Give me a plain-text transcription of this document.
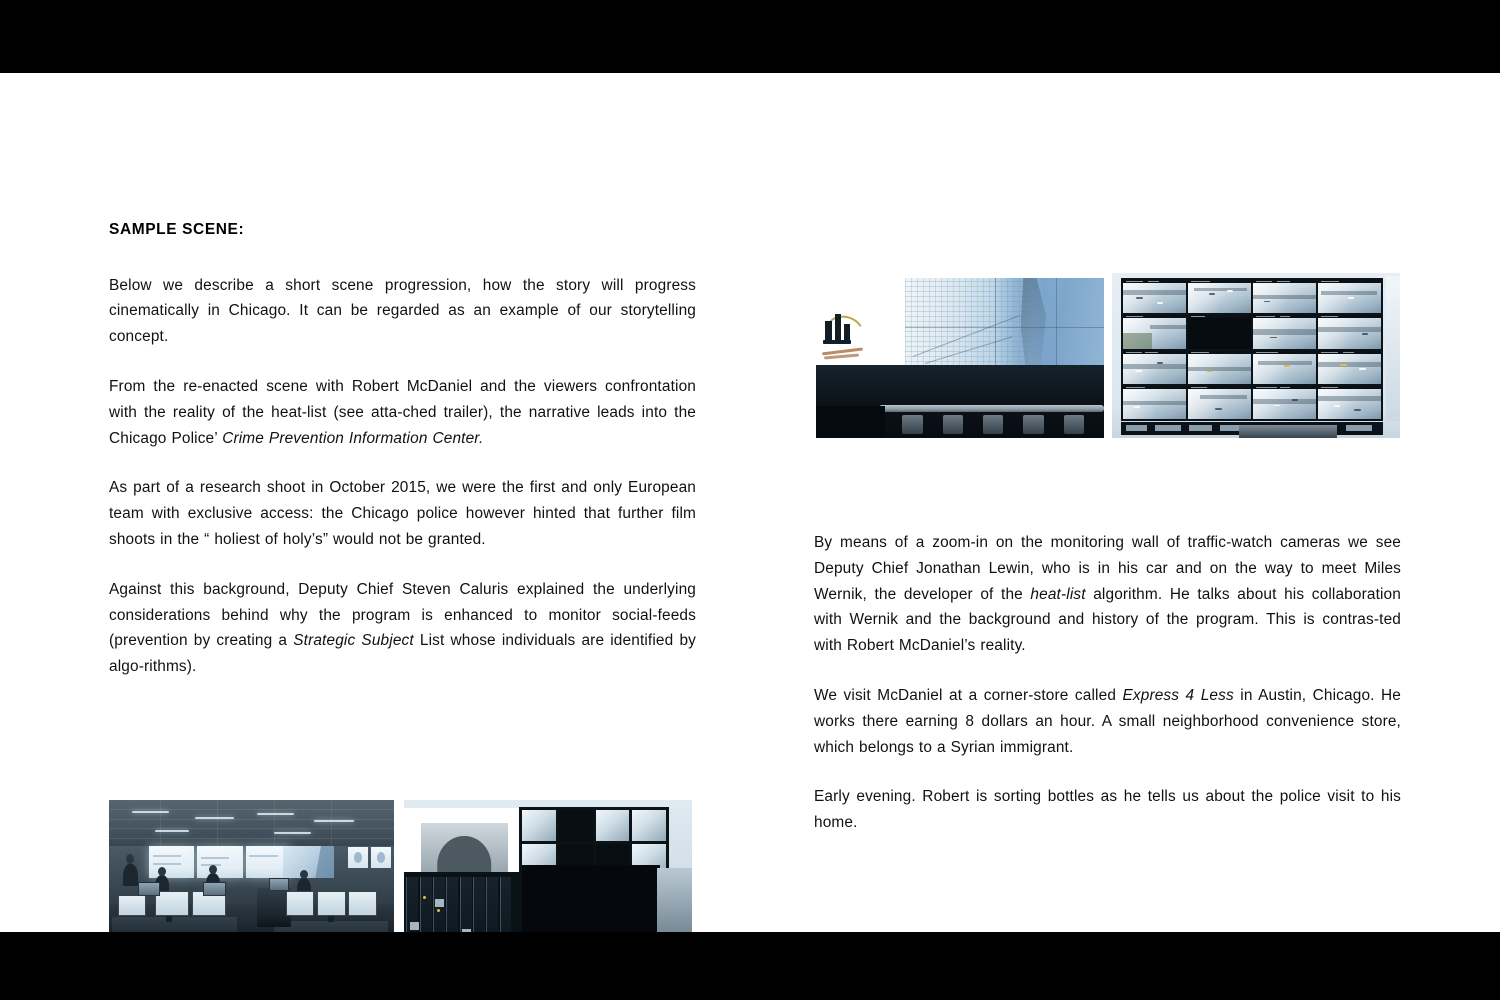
SAMPLE SCENE:

Below we describe a short scene progression, how the story will progress cinematically in Chicago. It can be regarded as an example of our storytelling concept.

From the re-enacted scene with Robert McDaniel and the viewers confrontation with the reality of the heat-list (see atta-ched trailer), the narrative leads into the Chicago Police’ Crime Prevention Information Center.

As part of a research shoot in October 2015, we were the first and only European team with exclusive access: the Chicago police however hinted that further film shoots in the “ holiest of holy’s” would not be granted.

Against this background, Deputy Chief Steven Caluris explained the underlying considerations behind why the program is enhanced to monitor social-feeds (prevention by creating a Strategic Subject List whose individuals are identified by algo-rithms).

By means of a zoom-in on the monitoring wall of traffic-watch cameras we see Deputy Chief Jonathan Lewin, who is in his car and on the way to meet Miles Wernik, the developer of the heat-list algorithm. He talks about his collaboration with Wernik and the background and history of the program. This is contras-ted with Robert McDaniel’s reality.

We visit McDaniel at a corner-store called Express 4 Less in Austin, Chicago. He works there earning 8 dollars an hour. A small neighborhood convenience store, which belongs to a Syrian immigrant.

Early evening. Robert is sorting bottles as he tells us about the police visit to his home.
